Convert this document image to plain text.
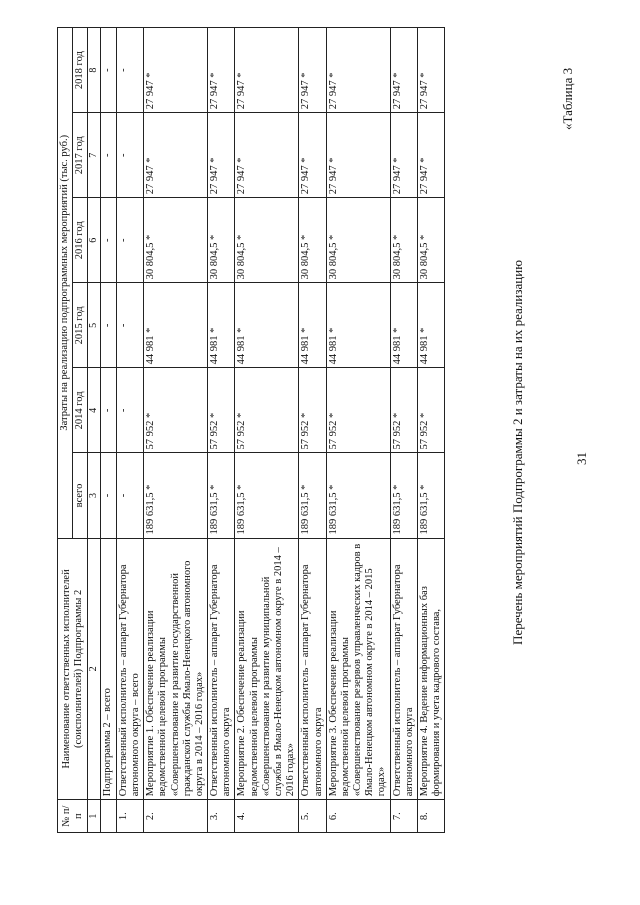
31
«Таблица 3
Перечень мероприятий Подпрограммы 2 и затраты на их реализацию
№ п/п	Наименование ответственных исполнителей (соисполнителей) Подпрограммы 2	Затраты на реализацию подпрограммных мероприятий (тыс. руб.)					
		всего	2014 год	2015 год	2016 год	2017 год	2018 год
1	2	3	4	5	6	7	8
	Подпрограмма 2 – всего	-	-	-	-	-	-
1.	Ответственный исполнитель – аппарат Губернатора автономного округа – всего	-	-	-	-	-	-
2.	Мероприятие 1. Обеспечение реализации ведомственной целевой программы «Совершенствование и развитие государственной гражданской службы Ямало-Ненецкого автономного округа в 2014 – 2016 годах»	189 631,5 *	57 952 *	44 981 *	30 804,5 *	27 947 *	27 947 *
3.	Ответственный исполнитель – аппарат Губернатора автономного округа	189 631,5 *	57 952 *	44 981 *	30 804,5 *	27 947 *	27 947 *
4.	Мероприятие 2. Обеспечение реализации ведомственной целевой программы «Совершенствование и развитие муниципальной службы в Ямало-Ненецком автономном округе в 2014 – 2016 годах»	189 631,5 *	57 952 *	44 981 *	30 804,5 *	27 947 *	27 947 *
5.	Ответственный исполнитель – аппарат Губернатора автономного округа	189 631,5 *	57 952 *	44 981 *	30 804,5 *	27 947 *	27 947 *
6.	Мероприятие 3. Обеспечение реализации ведомственной целевой программы «Совершенствование резервов управленческих кадров в Ямало-Ненецком автономном округе в 2014 – 2015 годах»	189 631,5 *	57 952 *	44 981 *	30 804,5 *	27 947 *	27 947 *
7.	Ответственный исполнитель – аппарат Губернатора автономного округа	189 631,5 *	57 952 *	44 981 *	30 804,5 *	27 947 *	27 947 *
8.	Мероприятие 4. Ведение информационных баз формирования и учета кадрового состава,	189 631,5 *	57 952 *	44 981 *	30 804,5 *	27 947 *	27 947 *
